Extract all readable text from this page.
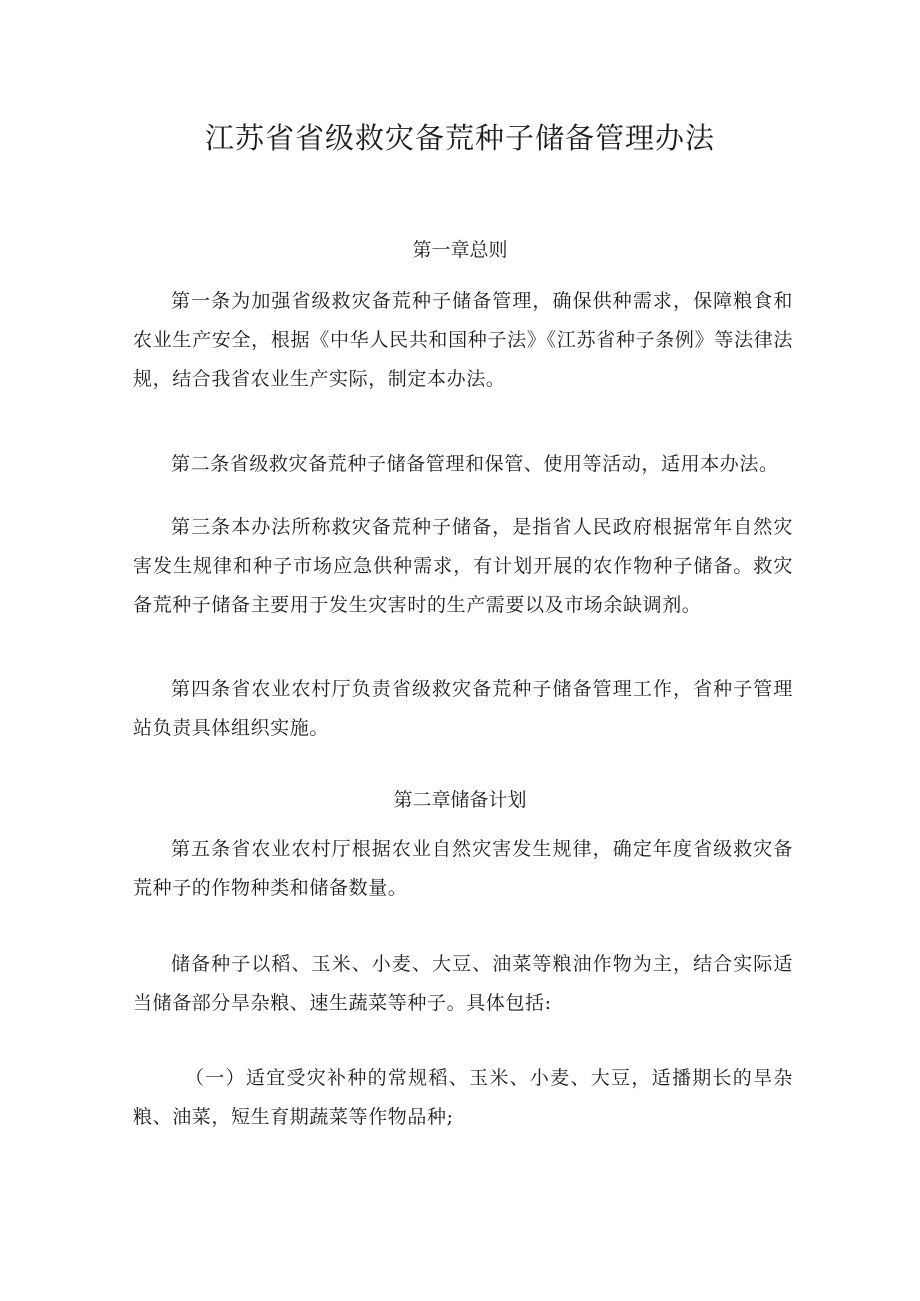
江苏省省级救灾备荒种子储备管理办法
第一章总则

第一条为加强省级救灾备荒种子储备管理，确保供种需求，保障粮食和农业生产安全，根据《中华人民共和国种子法》《江苏省种子条例》等法律法规，结合我省农业生产实际，制定本办法。

第二条省级救灾备荒种子储备管理和保管、使用等活动，适用本办法。

第三条本办法所称救灾备荒种子储备，是指省人民政府根据常年自然灾害发生规律和种子市场应急供种需求，有计划开展的农作物种子储备。救灾备荒种子储备主要用于发生灾害时的生产需要以及市场余缺调剂。

第四条省农业农村厅负责省级救灾备荒种子储备管理工作，省种子管理站负责具体组织实施。

第二章储备计划

第五条省农业农村厅根据农业自然灾害发生规律，确定年度省级救灾备荒种子的作物种类和储备数量。

储备种子以稻、玉米、小麦、大豆、油菜等粮油作物为主，结合实际适当储备部分旱杂粮、速生蔬菜等种子。具体包括:

（一）适宜受灾补种的常规稻、玉米、小麦、大豆，适播期长的旱杂粮、油菜，短生育期蔬菜等作物品种;
